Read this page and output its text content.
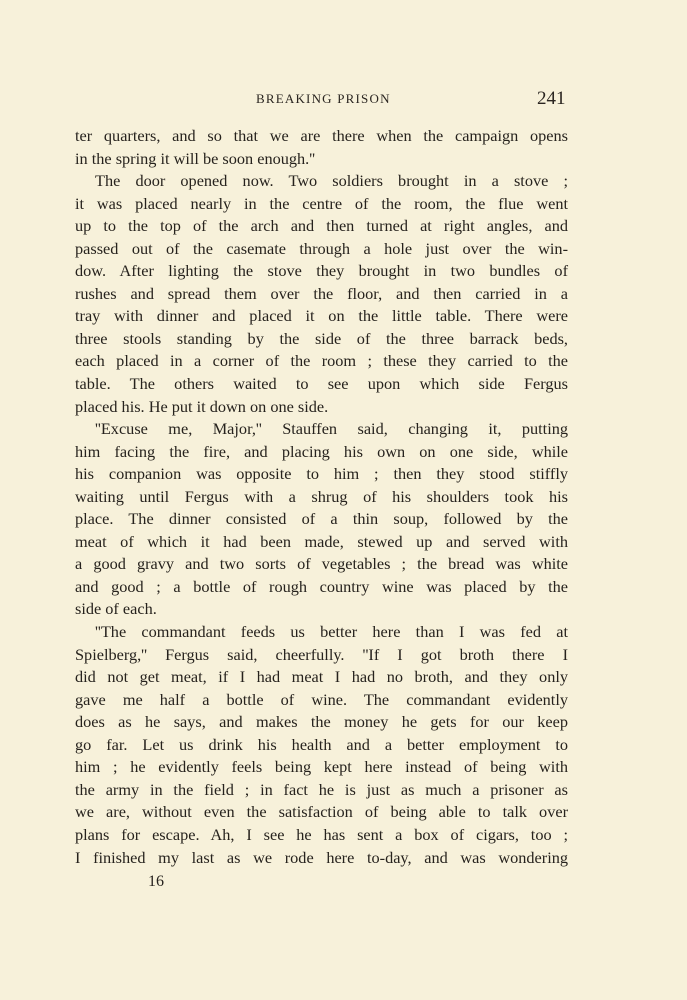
BREAKING PRISON	241
ter quarters, and so that we are there when the campaign opens
in the spring it will be soon enough.''
The door opened now. Two soldiers brought in a stove ;
it was placed nearly in the centre of the room, the flue went
up to the top of the arch and then turned at right angles, and
passed out of the casemate through a hole just over the win-
dow. After lighting the stove they brought in two bundles of
rushes and spread them over the floor, and then carried in a
tray with dinner and placed it on the little table. There were
three stools standing by the side of the three barrack beds,
each placed in a corner of the room ; these they carried to the
table. The others waited to see upon which side Fergus
placed his. He put it down on one side.
''Excuse me, Major,'' Stauffen said, changing it, putting
him facing the fire, and placing his own on one side, while
his companion was opposite to him ; then they stood stiffly
waiting until Fergus with a shrug of his shoulders took his
place. The dinner consisted of a thin soup, followed by the
meat of which it had been made, stewed up and served with
a good gravy and two sorts of vegetables ; the bread was white
and good ; a bottle of rough country wine was placed by the
side of each.
''The commandant feeds us better here than I was fed at
Spielberg,'' Fergus said, cheerfully. ''If I got broth there I
did not get meat, if I had meat I had no broth, and they only
gave me half a bottle of wine. The commandant evidently
does as he says, and makes the money he gets for our keep
go far. Let us drink his health and a better employment to
him ; he evidently feels being kept here instead of being with
the army in the field ; in fact he is just as much a prisoner as
we are, without even the satisfaction of being able to talk over
plans for escape. Ah, I see he has sent a box of cigars, too ;
I finished my last as we rode here to-day, and was wondering
16
